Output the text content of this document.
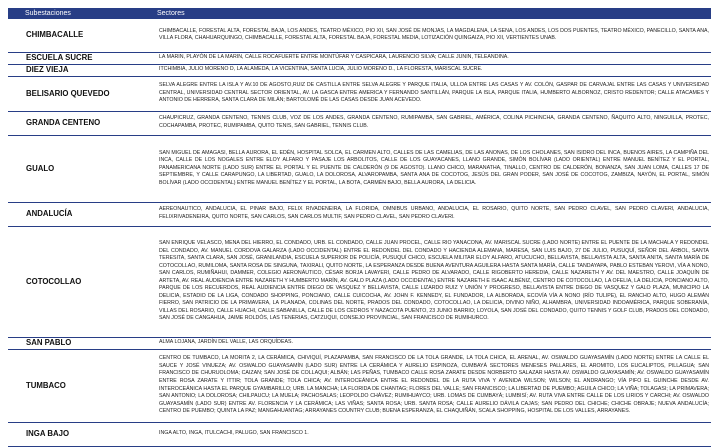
Subestaciones	Sectores
CHIMBACALLE	CHIMBACALLE, FORESTAL ALTA, FORESTAL BAJA, LOS ANDES, TEATRO MÉXICO, PIO XII, SAN JOSÉ DE MONJAS, LA MAGDALENA, LA SENA, LOS ANDES, LOS DOS PUENTES, TEATRO MÉXICO, PANECILLO, SANTA ANA, VILLA FLORA, CHAHUARQUINGO, CHIMBACALLE, FORESTAL ALTA, FORESTAL BAJA, FORESTAL MEDIA, LOTIZACIÓN QUINGAIZA, PIO XII, VERTIENTES UNAB.
ESCUELA SUCRE	LA MARIN, PLAYÓN DE LA MARIN, CALLE ROCAFUERTE ENTRE MONTÚFAR Y CASPICARA, LAURENCIO SILVA; CALLE JUNIN, TELEANDINA.
DIEZ VIEJA	ITCHIMBIA, JULIO MORENO D, LA ALAMEDA, LA VICENTINA, SANTA LUCIA, JULIO MORENO D., LA FLORESTA, MARISCAL SUCRE.
BELISARIO QUEVEDO	SELVA ALEGRE ENTRE LA ISLA Y AV.10 DE AGOSTO,RUIZ DE CASTILLA ENTRE SELVA ALEGRE Y PARQUE ITALIA, ULLOA ENTRE LAS CASAS Y AV. COLÓN, GASPAR DE CARVAJAL ENTRE LAS CASAS Y UNIVERSIDAD CENTRAL, UNIVERSIDAD CENTRAL SECTOR ORIENTAL, AV. LA GASCA ENTRE AMERICA Y FERNANDO SANTILLÁN, PARQUE LA ISLA, PARQUE ITALIA, HUMBERTO ALBORNOZ, CRISTO REDENTOR; CALLE ATACAMES Y ANTONIO DE HERRERA, SANTA CLARA DE MILÁN; BARTOLOMÉ DE LAS CASAS DESDE JUAN ACEVEDO.
GRANDA CENTENO	CHAUPICRUZ, GRANDA CENTENO, TENNIS CLUB, VOZ DE LOS ANDES, GRANDA CENTENO, RUMIPAMBA, SAN GABRIEL, AMÉRICA, COLINA PICHINCHA, GRANDA CENTENO, ÑAQUITO ALTO, NINGUILLA, PROTEC, COCHAPAMBA, PROTEC, RUMIPAMBA, QUITO TENIS, SAN GABRIEL, TENNIS CLUB.
GUALO	SAN MIGUEL DE AMAGASI, BELLA AURORA, EL EDÉN, HOSPITAL SOLCA, EL CARMEN ALTO, CALLES DE LAS CAMELIAS, DE LAS ANONAS, DE LOS CHOLANES, SAN ISIDRO DEL INCA, BUENOS AIRES, LA CAMPIÑA DEL INCA, CALLE DE LOS NOGALES ENTRE ELOY ALFARO Y PASAJE LOS ARBOLITOS, CALLE DE LOS GUAYACANES, LLANO GRANDE, SIMÓN BOLÍVAR (LADO ORIENTAL) ENTRE MANUEL BENÍTEZ Y EL PORTAL, PANAMERICANA NORTE (LADO SUR) ENTRE EL PORTAL Y EL PUENTE DE CALDERÓN (9 DE AGOSTO). LLANO CHICO, MARANATHA, TINALLO, CENTRO DE CALDERÓN, BONANZA, SAN JUAN LOMA, CALLES 17 DE SEPTIEMBRE, Y CALLE CARAPUNGO, LA LIBERTAD, GUALO, LA DOLOROSA, ALVAROPAMBA, SANTA ANA DE COCOTOG, JESÚS DEL GRAN PODER, SAN JOSÉ DE COCOTOG, ZAMBIZA, NAYÓN, EL PORTAL, SIMÓN BOLÍVAR (LADO OCCIDENTAL) ENTRE MANUEL BENÍTEZ Y EL PORTAL, LA BOTA, CARMÉN BAJO, BELLA AURORA, LA DELICIA.
ANDALUCÍA	AEREONAUTICO, ANDALUCIA, EL PINAR BAJO, FELIX RIVADENEIRA, LA FLORIDA, OMNIBUS URBANO, ANDALUCIA, EL ROSARIO, QUITO NORTE, SAN PEDRO CLAVEL, SAN PEDRO CLAVERl, ANDALUCIA, FELIXRIVADENEIRA, QUITO NORTE, SAN CARLOS, SAN CARLOS MULTIF, SAN PEDRO CLAVEL, SAN PEDRO CLAVERl.
COTOCOLLAO	SAN ENRIQUE VELASCO, MENA DEL HIERRO, EL CONDADO, URB. EL CONDADO, CALLE JUAN PROCEL, CALLE RIO YANACONA, AV. MARISCAL SUCRE (LADO NORTE) ENTRE EL PUENTE DE LA MACHALA Y REDONDEL DEL CONDADO, AV. MANUEL CORDOVA GALARZA (LADO OCCIDENTAL) ENTRE EL REDONDEL DEL CONDADO Y HACIENDA ALEMANA, MARESA, SAN LUIS BAJO, 27 DE JULIO, PUSUQUÍ, SEÑOR DEL ÁRBOL, SANTA TERESITA, SANTA CLARA, SAN JOSÉ, GRANILANDIA, ESCUELA SUPERIOR DE POLICÍA, PUSUQUÍ CHICO, ESCUELA MILITAR ELOY ALFARO, ATUCUCHO, BELLAVISTA, BELLAVISTA ALTA, SANTA ANITA, SANTA MARÍA DE COTOCOLLAO, RUMILOMA, SANTA ROSA DE SINGUNA, TAXIRALI, QUITO NORTE, LA ESPERANZA DESDE BUENA AVENTURA AGUILERA HASTA SANTA MARÍA, CALLE TANDAYAPA, PABLO ESTEBAN YEROVI, VÍA A NONO, SAN CARLOS, RUMIÑAHUI, DAMMER, COLEGIO AERONÁUTICO, CÉSAR BORJA LAVAYERI, CALLE PEDRO DE ALVARADO, CALLE RIGOBERTO HEREDIA, CALLE NAZARETH Y AV. DEL MAESTRO, CALLE JOAQUÍN DE ARTETA, AV. REAL AUDIENCIA ENTRE NAZARETH Y HUMBERTO MARÍN, AV. GALO PLAZA (LADO OCCIDENTAL) ENTRE NAZARETH E ISAAC ALBÉNIZ, CENTRO DE COTOCOLLAO, LA OFELIA, LA DELICIA, PONCIANO ALTO, PARQUE DE LOS RECUERDOS, REAL AUDIENCIA ENTRE DIEGO DE VASQUEZ Y BELLAVISTA, CALLE LIZARDO RUIZ Y UNIÓN Y PROGRESO, BELLAVISTA ENTRE DIEGO DE VASQUEZ Y GALO PLAZA, MUNICIPIO LA DELICIA, ESTADIO DE LA LIGA, CONDADO SHOPPING, PONCIANO, CALLE CUICOCHA, AV. JOHN F. KENNEDY, EL FUNDADOR, LA ALBORADA, ECOVÍA VÍA A NONO (RÍO TULIPE), EL RANCHO ALTO, HUGO ALEMÁN FIERRO, SAN PATRICIO DE LA PRIMAVERA, LA PLANADA, COLINAS DEL NORTE, PRADOS DEL CONDADO, COTOCOLLAO, LA DELICIA, DIVINO NIÑO, ALHAMBRA, UNIVERSIDAD INDOAMÉRICA, PARQUE SOBERANÍA, VILLAS DEL ROSARIO, CALLE HUACHI, CALLE SABANILLA, CALLE DE LOS CEDROS Y NAZACOTA PUENTO, 23 JUNIO BARRIO; LOYOLA, SAN JOSÉ DEL CONDADO, QUITO TENNIS Y GOLF CLUB, PRADOS DEL CONDADO, SAN JOSÉ DE CANGAHUA, JAIME ROLDÓS, LAS TENERIAS, CATZUQUI, CONSEJO PROVINCIAL, SAN FRANCISCO DE RUMIHURCO.
SAN PABLO	ALMA LOJANA, JARDÍN DEL VALLE, LAS ORQUÍDEAS.
TUMBACO	CENTRO DE TUMBACO, LA MORITA 2, LA CERÁMICA, CHIVIQUÍ, PLAZAPAMBA, SAN FRANCISCO DE LA TOLA GRANDE, LA TOLA CHICA, EL ARENAL, AV. OSWALDO GUAYASAMÍN (LADO NORTE) ENTRE LA CALLE EL SAUCE Y JOSÉ VINUEZA; AV. OSWALDO GUAYASAMÍN (LADO SUR) ENTRE LA CERÁMICA Y AURELIO ESPINOZA, CUMBAYÁ SECTORES MENESES PALLARES, EL AROMITO, LOS EUCALIPTOS, PILLAGUA; SAN FRANCISCO DE CHURUOLOMA; CAIZAN; SAN JOSÉ DE COLLAQUI; ALBÁN; LAS PEÑAS, TUMBACO CALLE ROSA ZARATE DESDE NORBERTO SALAZAR HASTA AV. OSWALDO GUAYASAMÍN; AV. OSWALDO GUAYASAMÍN ENTRE ROSA ZARATE Y ITTIR; TOLA GRANDE; TOLA CHICA; AV. INTEROCEÁNICA ENTRE EL REDONDEL DE LA RUTA VIVA Y AVENIDA WILSON; WILSON; EL ANDRANGO; VÍA PIFO EL GUINCHE DESDE AV. INTEROCEÁNICA HASTA EL PARQUE GYAMBARILLO; URB. LA MANCHA; LA FLORIDA DE CHANTAG; FLORES DEL VALLE; SAN FRANCISCO; LA LIBERTAD DE PUEMBO; AGUILA CHICO; LA VIÑA; TOLAGASI; LA PRIMAVERA; SAN ANTONIO; LA DOLOROSA; CHILPAUCU; LA MUELA; PACHOSALAS; LEOPOLDO CHÁVEZ; RUMIHUAYCO; URB. LOMAS DE CUMBAYÁ; LUMBISÍ; AV. RUTA VIVA ENTRE CALLE DE LOS LIRIOS Y CARCHI; AV. OSWALDO GUAYASAMÍN (LADO SUR) ENTRE AV. FLORENCIA Y LA CERÁMICA; LAS VIÑAS; SANTA ROSA; URB. SANTA ROSA; CALLE AURELIO DÁVILA CAJAS; SAN PEDRO DEL CHICHE; CHICHE OBRAJE; NUEVA ANDALUCÍA; CENTRO DE PUEMBO; QUINTA LA PAZ; MANGAHUANTAG; ARRAYANES COUNTRY CLUB; BUENA ESPERANZA, EL CHAQUIÑÁN, SCALA SHOPPING, HOSPITAL DE LOS VALLES, ARRAYANES.
INGA BAJO	INGA ALTO, INGA, ITULCACHI, PALUGO, SAN FRANCISCO 1.
